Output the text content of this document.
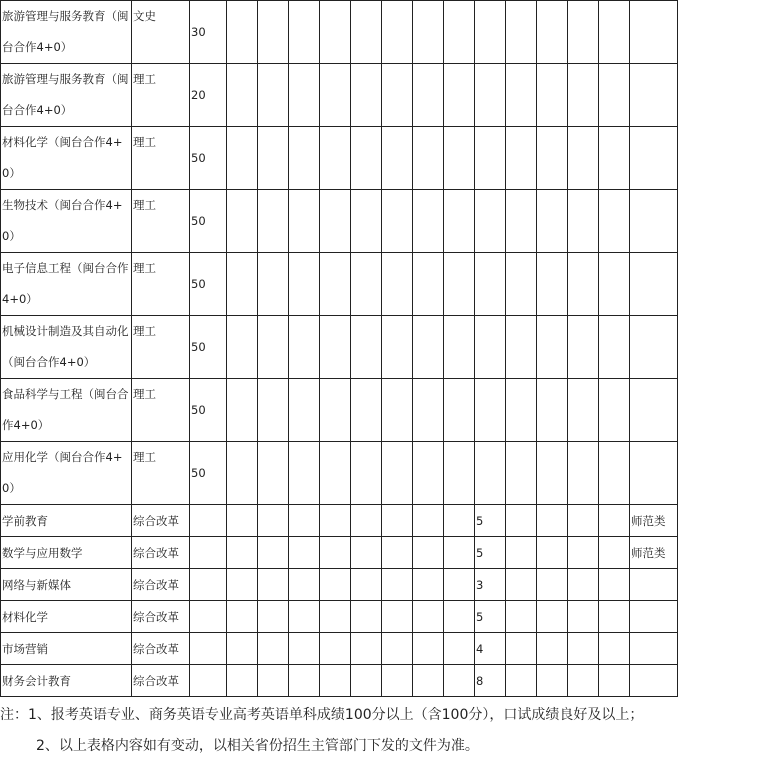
旅游管理与服务教育（闽台合作4+0）	文史	30														
旅游管理与服务教育（闽台合作4+0）	理工	20														
材料化学（闽台合作4+0）	理工	50														
生物技术（闽台合作4+0）	理工	50														
电子信息工程（闽台合作4+0）	理工	50														
机械设计制造及其自动化（闽台合作4+0）	理工	50														
食品科学与工程（闽台合作4+0）	理工	50														
应用化学（闽台合作4+0）	理工	50														
学前教育	综合改革										5					师范类
数学与应用数学	综合改革										5					师范类
网络与新媒体	综合改革										3					
材料化学	综合改革										5					
市场营销	综合改革										4					
财务会计教育	综合改革										8					
注：1、报考英语专业、商务英语专业高考英语单科成绩100分以上（含100分），口试成绩良好及以上；
2、以上表格内容如有变动，以相关省份招生主管部门下发的文件为准。
